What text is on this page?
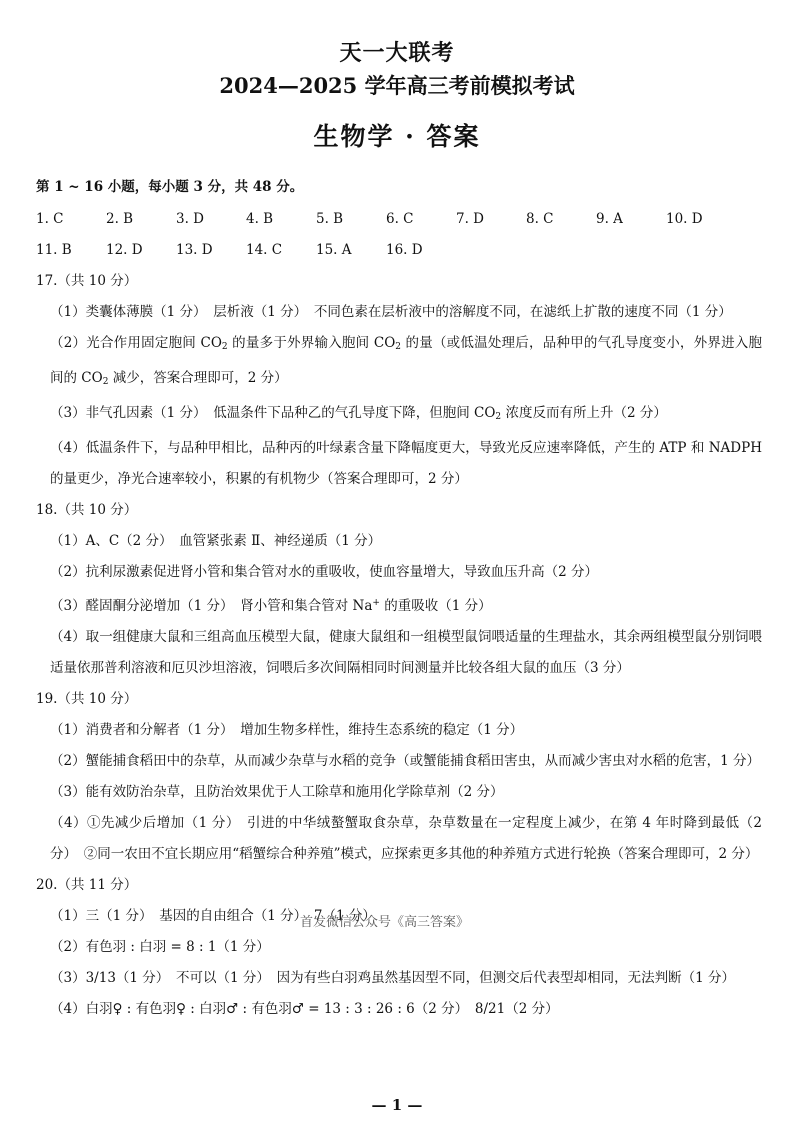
天一大联考
2024—2025 学年高三考前模拟考试
生物学 · 答案
第 1 ~ 16 小题，每小题 3 分，共 48 分。
1. C	2. B	3. D	4. B	5. B	6. C	7. D	8. C	9. A	10. D
11. B	12. D	13. D	14. C	15. A	16. D
17.（共 10 分）
（1）类囊体薄膜（1 分）　层析液（1 分）　不同色素在层析液中的溶解度不同，在滤纸上扩散的速度不同（1 分）
（2）光合作用固定胞间 $CO_2$ 的量多于外界输入胞间 $CO_2$ 的量（或低温处理后，品种甲的气孔导度变小，外界进入胞间的 $CO_2$ 减少，答案合理即可，2 分）
（3）非气孔因素（1 分）　低温条件下品种乙的气孔导度下降，但胞间 $CO_2$ 浓度反而有所上升（2 分）
（4）低温条件下，与品种甲相比，品种丙的叶绿素含量下降幅度更大，导致光反应速率降低，产生的 ATP 和 NADPH 的量更少，净光合速率较小，积累的有机物少（答案合理即可，2 分）
18.（共 10 分）
（1）A、C（2 分）　血管紧张素 Ⅱ、神经递质（1 分）
（2）抗利尿激素促进肾小管和集合管对水的重吸收，使血容量增大，导致血压升高（2 分）
（3）醛固酮分泌增加（1 分）　肾小管和集合管对 Na+ 的重吸收（1 分）
（4）取一组健康大鼠和三组高血压模型大鼠，健康大鼠组和一组模型鼠饲喂适量的生理盐水，其余两组模型鼠分别饲喂适量依那普利溶液和厄贝沙坦溶液，饲喂后多次间隔相同时间测量并比较各组大鼠的血压（3 分）
19.（共 10 分）
（1）消费者和分解者（1 分）　增加生物多样性，维持生态系统的稳定（1 分）
（2）蟹能捕食稻田中的杂草，从而减少杂草与水稻的竞争（或蟹能捕食稻田害虫，从而减少害虫对水稻的危害，1 分）
（3）能有效防治杂草，且防治效果优于人工除草和施用化学除草剂（2 分）
（4）①先减少后增加（1 分）　引进的中华绒螯蟹取食杂草，杂草数量在一定程度上减少，在第 4 年时降到最低（2 分）　②同一农田不宜长期应用“稻蟹综合种养殖”模式，应探索更多其他的种养殖方式进行轮换（答案合理即可，2 分）
20.（共 11 分）
（1）三（1 分）　基因的自由组合（1 分）　7（1 分）
（2）有色羽 : 白羽 = 8 : 1（1 分）
（3）3/13（1 分）　不可以（1 分）　因为有些白羽鸡虽然基因型不同，但测交后代表型却相同，无法判断（1 分）
（4）白羽♀ : 有色羽♀ : 白羽♂ : 有色羽♂ = 13 : 3 : 26 : 6（2 分）　8/21（2 分）
首发微信公众号《高三答案》
— 1 —
